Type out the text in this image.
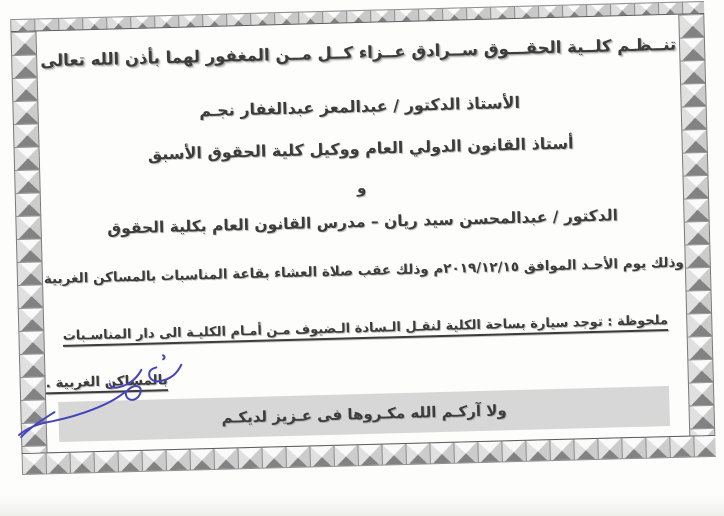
تنــظـم كلــية الحقـــوق ســرادق عــزاء كــل مــن المغفور لهما بأذن الله تعالى
الأستاذ الدكتور / عبدالمعز عبدالغفار نجـم
أستاذ القانون الدولي العام ووكيل كلية الحقوق الأسبق
و
الدكتور / عبدالمحسن سيد ريان – مدرس القانون العام بكلية الحقوق
وذلك يوم الأحـد الموافق ٢٠١٩/١٢/١٥م وذلك عقب صلاة العشاء بقاعة المناسبات بالمساكن الغربية
ملحوظة : توجد سيارة بساحة الكلية لنقـل الـسادة الـضيوف مـن أمـام الكليـة الى دار المناسـبات
بالمساكن الغربية .
ولا آركـم الله مكـروها فى عـزيز لديكـم
